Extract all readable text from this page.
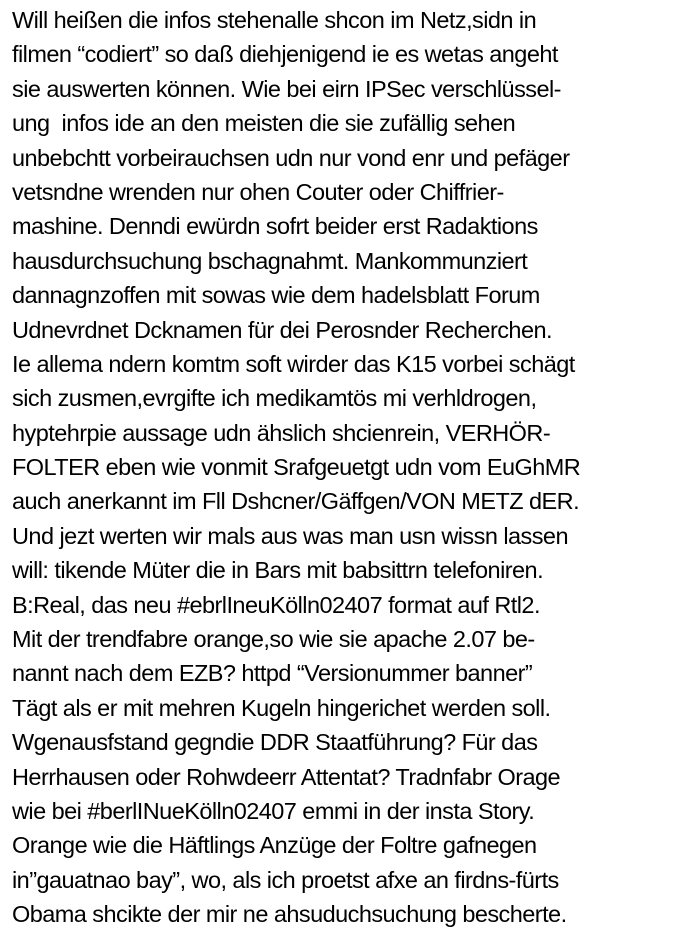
Will heißen die infos stehenalle shcon im Netz,sidn in
filmen “codiert” so daß diehjenigend ie es wetas angeht
sie auswerten können. Wie bei eirn IPSec verschlüssel-
ung  infos ide an den meisten die sie zufällig sehen
unbebchtt vorbeirauchsen udn nur vond enr und pefäger
vetsndne wrenden nur ohen Couter oder Chiffrier-
mashine. Denndi ewürdn sofrt beider erst Radaktions
hausdurchsuchung bschagnahmt. Mankommunziert
dannagnzoffen mit sowas wie dem hadelsblatt Forum
Udnevrdnet Dcknamen für dei Perosnder Recherchen.
Ie allema ndern komtm soft wirder das K15 vorbei schägt
sich zusmen,evrgifte ich medikamtös mi verhldrogen,
hyptehrpie aussage udn ähslich shcienrein, VERHÖR-
FOLTER eben wie vonmit Srafgeuetgt udn vom EuGhMR
auch anerkannt im Fll Dshcner/Gäffgen/VON METZ dER.
Und jezt werten wir mals aus was man usn wissn lassen
will: tikende Müter die in Bars mit babsittrn telefoniren.
B:Real, das neu #ebrlIneuKölln02407 format auf Rtl2.
Mit der trendfabre orange,so wie sie apache 2.07 be-
nannt nach dem EZB? httpd “Versionummer banner”
Tägt als er mit mehren Kugeln hingerichet werden soll.
Wgenausfstand gegndie DDR Staatführung? Für das
Herrhausen oder Rohwdeerr Attentat? Tradnfabr Orage
wie bei #berlINueKölln02407 emmi in der insta Story.
Orange wie die Häftlings Anzüge der Foltre gafnegen
in”gauatnao bay”, wo, als ich proetst afxe an firdns-fürts
Obama shcikte der mir ne ahsuduchsuchung bescherte.
